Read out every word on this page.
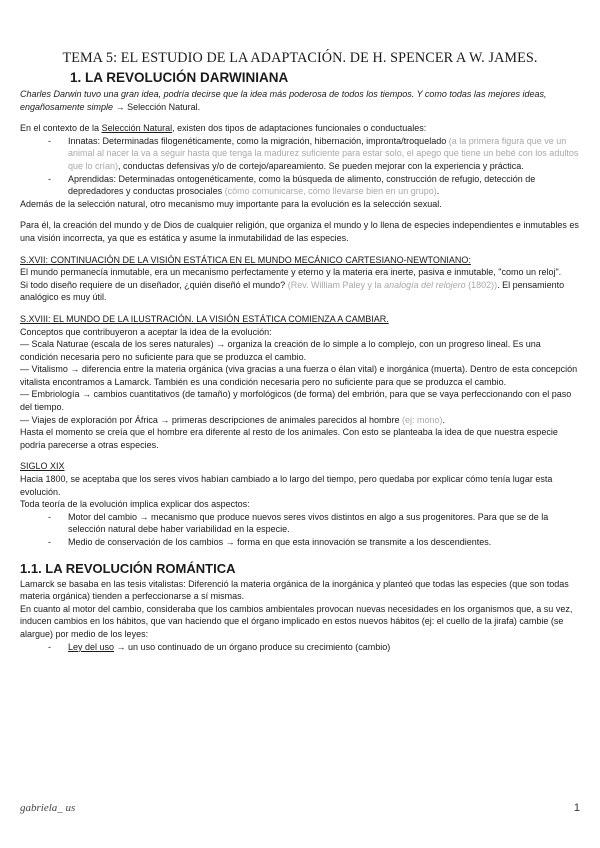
TEMA 5: EL ESTUDIO DE LA ADAPTACIÓN. DE H. SPENCER A W. JAMES.
1. LA REVOLUCIÓN DARWINIANA

Charles Darwin tuvo una gran idea, podría decirse que la idea más poderosa de todos los tiempos. Y como todas las mejores ideas, engañosamente simple → Selección Natural.

En el contexto de la Selección Natural, existen dos tipos de adaptaciones funcionales o conductuales:

- Innatas: Determinadas filogenéticamente, como la migración, hibernación, impronta/troquelado (a la primera figura que ve un animal al nacer la va a seguir hasta que tenga la madurez suficiente para estar solo, el apego que tiene un bebé con los adultos que lo crían), conductas defensivas y/o de cortejo/apareamiento. Se pueden mejorar con la experiencia y práctica.
- Aprendidas: Determinadas ontogenéticamente, como la búsqueda de alimento, construcción de refugio, detección de depredadores y conductas prosociales (cómo comunicarse, cómo llevarse bien en un grupo).

Además de la selección natural, otro mecanismo muy importante para la evolución es la selección sexual.

Para él, la creación del mundo y de Dios de cualquier religión, que organiza el mundo y lo llena de especies independientes e inmutables es una visión incorrecta, ya que es estática y asume la inmutabilidad de las especies.

S.XVII: CONTINUACIÓN DE LA VISIÓN ESTÁTICA EN EL MUNDO MECÁNICO CARTESIANO-NEWTONIANO:

El mundo permanecía inmutable, era un mecanismo perfectamente y eterno y la materia era inerte, pasiva e inmutable, "como un reloj".

Si todo diseño requiere de un diseñador, ¿quién diseñó el mundo? (Rev. William Paley y la analogía del relojero (1802)). El pensamiento analógico es muy útil.

S.XVIII: EL MUNDO DE LA ILUSTRACIÓN. LA VISIÓN ESTÁTICA COMIENZA A CAMBIAR.

Conceptos que contribuyeron a aceptar la idea de la evolución:

— Scala Naturae (escala de los seres naturales) → organiza la creación de lo simple a lo complejo, con un progreso lineal. Es una condición necesaria pero no suficiente para que se produzca el cambio.

— Vitalismo → diferencia entre la materia orgánica (viva gracias a una fuerza o élan vital) e inorgánica (muerta). Dentro de esta concepción vitalista encontramos a Lamarck. También es una condición necesaria pero no suficiente para que se produzca el cambio.

— Embriología → cambios cuantitativos (de tamaño) y morfológicos (de forma) del embrión, para que se vaya perfeccionando con el paso del tiempo.

— Viajes de exploración por África → primeras descripciones de animales parecidos al hombre (ej: mono).

Hasta el momento se creía que el hombre era diferente al resto de los animales. Con esto se planteaba la idea de que nuestra especie podría parecerse a otras especies.

SIGLO XIX

Hacia 1800, se aceptaba que los seres vivos habían cambiado a lo largo del tiempo, pero quedaba por explicar cómo tenía lugar esta evolución.

Toda teoría de la evolución implica explicar dos aspectos:

- Motor del cambio → mecanismo que produce nuevos seres vivos distintos en algo a sus progenitores. Para que se de la selección natural debe haber variabilidad en la especie.
- Medio de conservación de los cambios → forma en que esta innovación se transmite a los descendientes.
1.1. LA REVOLUCIÓN ROMÁNTICA

Lamarck se basaba en las tesis vitalistas: Diferenció la materia orgánica de la inorgánica y planteó que todas las especies (que son todas materia orgánica) tienden a perfeccionarse a sí mismas.

En cuanto al motor del cambio, consideraba que los cambios ambientales provocan nuevas necesidades en los organismos que, a su vez, inducen cambios en los hábitos, que van haciendo que el órgano implicado en estos nuevos hábitos (ej: el cuello de la jirafa) cambie (se alargue) por medio de los leyes:

- Ley del uso → un uso continuado de un órgano produce su crecimiento (cambio)
gabriela_ us	1
